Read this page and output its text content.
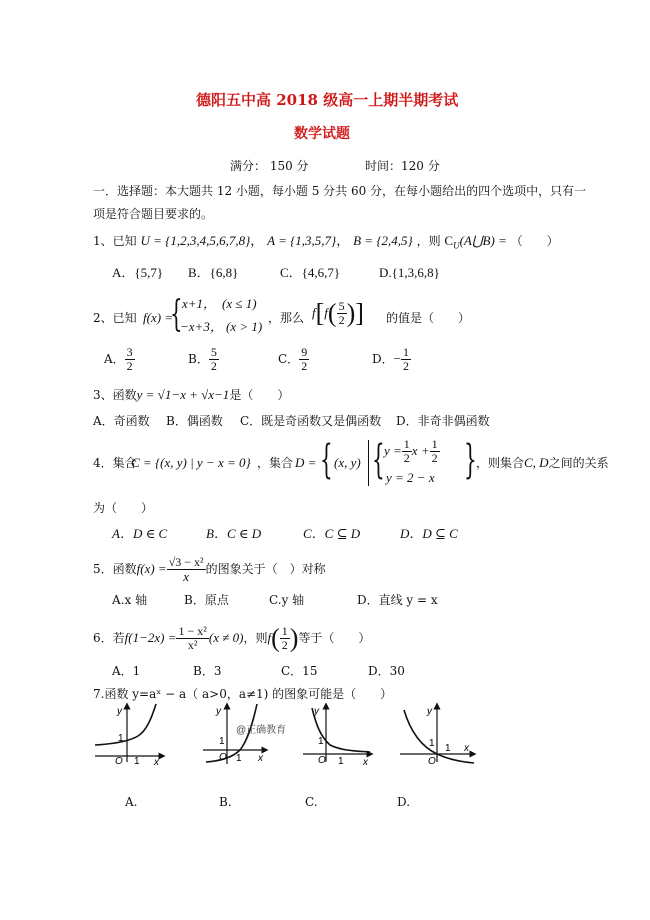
德阳五中高 2018 级高一上期半期考试
数学试题
满分： 150 分	时间：120 分
一．选择题：本大题共 12 小题，每小题 5 分共 60 分，在每小题给出的四个选项中，只有一
项是符合题目要求的。
1、已知 U = {1,2,3,4,5,6,7,8}， A = {1,3,5,7}， B = {2,4,5} ，则 $C_U(A⋃B)$ = （　　）
A．{5,7} B．{6,8}	C．{4,6,7}	D.{1,3,6,8}
2、已知 f(x) =
{ x+1， (x ≤ 1)
−x+3， (x > 1)
，那么 $f[f( \frac{5}{2}$ )] 的值是（　　）
A． $\frac{3}{2}$	B． $\frac{5}{2}$	C． $\frac{9}{2}$	D．− $\frac{1}{2}$
3、函数y = √1−x + √x−1是（　　）
A．奇函数 B．偶函数 C．既是奇函数又是偶函数 D．非奇非偶函数
4．集合
C = {(x, y) | y − x = 0} ，集合 D = { (x, y) { $y = \frac{1}{2}$ $x + \frac{1}{2}$
y = 2 − x } ，则集合C, D之间的关系
为（　　）
A．D ∈ C	B．C ∈ D	C．C ⊆ D	D．D ⊆ C
5．函数$f(x) = \frac{\text{√3 − x²}}{x}$ 的图象关于（　）对称
A.x 轴	B．原点	C.y 轴	D．直线 y = x
6．若$f(1-2x) = \frac{\text{1 − x²}}{\text{x²}} (x \ne 0)$，则$f( \frac{1}{2}$ )等于（　　）
A．1	B．3	C．15	D．30
7.函数 y=aˣ − a（ a>0，a≠1) 的图象可能是（　　）
y
1
O 1 x
y
1
O 1 x
@正确教育
y
1
O 1 x
y
1
O
1 x
A.	B.	C.	D.
